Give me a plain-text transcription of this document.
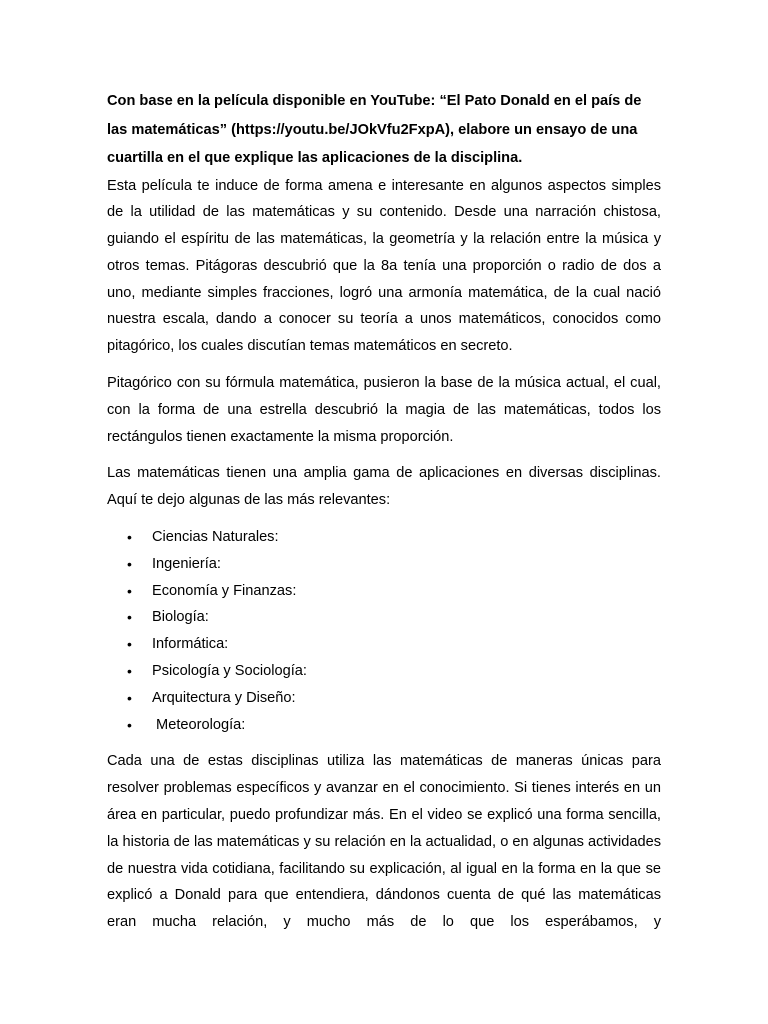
Con base en la película disponible en YouTube: “El Pato Donald en el país de las matemáticas” (https://youtu.be/JOkVfu2FxpA), elabore un ensayo de una cuartilla en el que explique las aplicaciones de la disciplina.

Esta película te induce de forma amena e interesante en algunos aspectos simples de la utilidad de las matemáticas y su contenido. Desde una narración chistosa, guiando el espíritu de las matemáticas, la geometría y la relación entre la música y otros temas. Pitágoras descubrió que la 8a tenía una proporción o radio de dos a uno, mediante simples fracciones, logró una armonía matemática, de la cual nació nuestra escala, dando a conocer su teoría a unos matemáticos, conocidos como pitagórico, los cuales discutían temas matemáticos en secreto.

Pitagórico con su fórmula matemática, pusieron la base de la música actual, el cual, con la forma de una estrella descubrió la magia de las matemáticas, todos los rectángulos tienen exactamente la misma proporción.

Las matemáticas tienen una amplia gama de aplicaciones en diversas disciplinas. Aquí te dejo algunas de las más relevantes:

• Ciencias Naturales:
• Ingeniería:
• Economía y Finanzas:
• Biología:
• Informática:
• Psicología y Sociología:
• Arquitectura y Diseño:
• Meteorología:

Cada una de estas disciplinas utiliza las matemáticas de maneras únicas para resolver problemas específicos y avanzar en el conocimiento. Si tienes interés en un área en particular, puedo profundizar más. En el video se explicó una forma sencilla, la historia de las matemáticas y su relación en la actualidad, o en algunas actividades de nuestra vida cotidiana, facilitando su explicación, al igual en la forma en la que se explicó a Donald para que entendiera, dándonos cuenta de qué las matemáticas eran mucha relación, y mucho más de lo que los esperábamos, y
